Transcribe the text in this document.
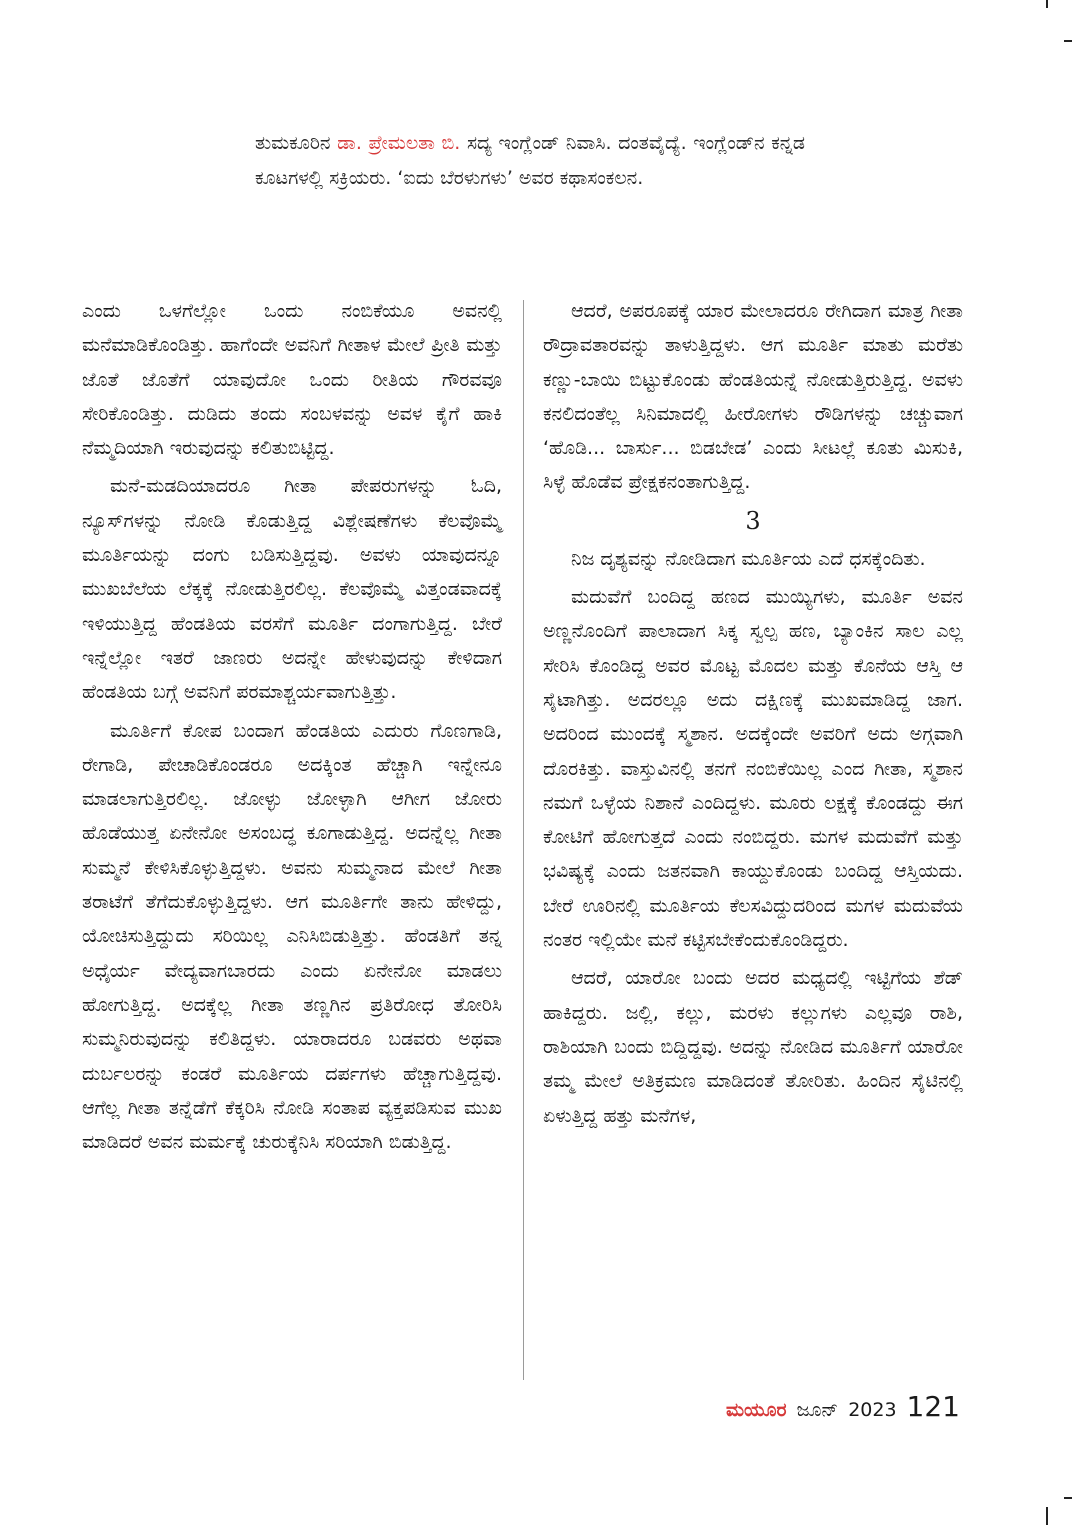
ತುಮಕೂರಿನ ಡಾ. ಪ್ರೇಮಲತಾ ಬಿ. ಸದ್ಯ ಇಂಗ್ಲೆಂಡ್ ನಿವಾಸಿ. ದಂತವೈದ್ಯೆ. ಇಂಗ್ಲೆಂಡ್‌ನ ಕನ್ನಡ ಕೂಟಗಳಲ್ಲಿ ಸಕ್ರಿಯರು. ‘ಐದು ಬೆರಳುಗಳು’ ಅವರ ಕಥಾಸಂಕಲನ.

ಎಂದು ಒಳಗೆಲ್ಲೋ ಒಂದು ನಂಬಿಕೆಯೂ ಅವನಲ್ಲಿ ಮನೆಮಾಡಿಕೊಂಡಿತ್ತು. ಹಾಗೆಂದೇ ಅವನಿಗೆ ಗೀತಾಳ ಮೇಲೆ ಪ್ರೀತಿ ಮತ್ತು ಜೊತೆ ಜೊತೆಗೆ ಯಾವುದೋ ಒಂದು ರೀತಿಯ ಗೌರವವೂ ಸೇರಿಕೊಂಡಿತ್ತು. ದುಡಿದು ತಂದು ಸಂಬಳವನ್ನು ಅವಳ ಕೈಗೆ ಹಾಕಿ ನೆಮ್ಮದಿಯಾಗಿ ಇರುವುದನ್ನು ಕಲಿತುಬಿಟ್ಟಿದ್ದ.

ಮನೆ-ಮಡದಿಯಾದರೂ ಗೀತಾ ಪೇಪರುಗಳನ್ನು ಓದಿ, ನ್ಯೂಸ್‌ಗಳನ್ನು ನೋಡಿ ಕೊಡುತ್ತಿದ್ದ ವಿಶ್ಲೇಷಣೆಗಳು ಕೆಲವೊಮ್ಮೆ ಮೂರ್ತಿಯನ್ನು ದಂಗು ಬಡಿಸುತ್ತಿದ್ದವು. ಅವಳು ಯಾವುದನ್ನೂ ಮುಖಬೆಲೆಯ ಲೆಕ್ಕಕ್ಕೆ ನೋಡುತ್ತಿರಲಿಲ್ಲ. ಕೆಲವೊಮ್ಮೆ ವಿತ್ತಂಡವಾದಕ್ಕೆ ಇಳಿಯುತ್ತಿದ್ದ ಹೆಂಡತಿಯ ವರಸೆಗೆ ಮೂರ್ತಿ ದಂಗಾಗುತ್ತಿದ್ದ. ಬೇರೆ ಇನ್ನೆಲ್ಲೋ ಇತರೆ ಜಾಣರು ಅದನ್ನೇ ಹೇಳುವುದನ್ನು ಕೇಳಿದಾಗ ಹೆಂಡತಿಯ ಬಗ್ಗೆ ಅವನಿಗೆ ಪರಮಾಶ್ಚರ್ಯವಾಗುತ್ತಿತ್ತು.

ಮೂರ್ತಿಗೆ ಕೋಪ ಬಂದಾಗ ಹೆಂಡತಿಯ ಎದುರು ಗೊಣಗಾಡಿ, ರೇಗಾಡಿ, ಪೇಚಾಡಿಕೊಂಡರೂ ಅದಕ್ಕಿಂತ ಹೆಚ್ಚಾಗಿ ಇನ್ನೇನೂ ಮಾಡಲಾಗುತ್ತಿರಲಿಲ್ಲ. ಜೋಳ್ಳು ಜೋಳ್ಳಾಗಿ ಆಗೀಗ ಜೋರು ಹೊಡೆಯುತ್ತ ಏನೇನೋ ಅಸಂಬದ್ಧ ಕೂಗಾಡುತ್ತಿದ್ದ. ಅದನ್ನೆಲ್ಲ ಗೀತಾ ಸುಮ್ಮನೆ ಕೇಳಿಸಿಕೊಳ್ಳುತ್ತಿದ್ದಳು. ಅವನು ಸುಮ್ಮನಾದ ಮೇಲೆ ಗೀತಾ ತರಾಟೆಗೆ ತೆಗೆದುಕೊಳ್ಳುತ್ತಿದ್ದಳು. ಆಗ ಮೂರ್ತಿಗೇ ತಾನು ಹೇಳಿದ್ದು, ಯೋಚಿಸುತ್ತಿದ್ದುದು ಸರಿಯಿಲ್ಲ ಎನಿಸಿಬಿಡುತ್ತಿತ್ತು. ಹೆಂಡತಿಗೆ ತನ್ನ ಅಧೈರ್ಯ ವೇದ್ಯವಾಗಬಾರದು ಎಂದು ಏನೇನೋ ಮಾಡಲು ಹೋಗುತ್ತಿದ್ದ. ಅದಕ್ಕೆಲ್ಲ ಗೀತಾ ತಣ್ಣಗಿನ ಪ್ರತಿರೋಧ ತೋರಿಸಿ ಸುಮ್ಮನಿರುವುದನ್ನು ಕಲಿತಿದ್ದಳು. ಯಾರಾದರೂ ಬಡವರು ಅಥವಾ ದುರ್ಬಲರನ್ನು ಕಂಡರೆ ಮೂರ್ತಿಯ ದರ್ಪಗಳು ಹೆಚ್ಚಾಗುತ್ತಿದ್ದವು. ಆಗೆಲ್ಲ ಗೀತಾ ತನ್ನೆಡೆಗೆ ಕೆಕ್ಕರಿಸಿ ನೋಡಿ ಸಂತಾಪ ವ್ಯಕ್ತಪಡಿಸುವ ಮುಖ ಮಾಡಿದರೆ ಅವನ ಮರ್ಮಕ್ಕೆ ಚುರುಕ್ಕೆನಿಸಿ ಸರಿಯಾಗಿ ಬಿಡುತ್ತಿದ್ದ.

ಆದರೆ, ಅಪರೂಪಕ್ಕೆ ಯಾರ ಮೇಲಾದರೂ ರೇಗಿದಾಗ ಮಾತ್ರ ಗೀತಾ ರೌದ್ರಾವತಾರವನ್ನು ತಾಳುತ್ತಿದ್ದಳು. ಆಗ ಮೂರ್ತಿ ಮಾತು ಮರೆತು ಕಣ್ಣು-ಬಾಯಿ ಬಿಟ್ಟುಕೊಂಡು ಹೆಂಡತಿಯನ್ನೆ ನೋಡುತ್ತಿರುತ್ತಿದ್ದ. ಅವಳು ಕನಲಿದಂತೆಲ್ಲ ಸಿನಿಮಾದಲ್ಲಿ ಹೀರೋಗಳು ರೌಡಿಗಳನ್ನು ಚಚ್ಚುವಾಗ ‘ಹೊಡಿ... ಬಾರ್ಸು... ಬಿಡಬೇಡ’ ಎಂದು ಸೀಟಲ್ಲೆ ಕೂತು ಮಿಸುಕಿ, ಸಿಳ್ಳೆ ಹೊಡೆವ ಪ್ರೇಕ್ಷಕನಂತಾಗುತ್ತಿದ್ದ.

3

ನಿಜ ದೃಶ್ಯವನ್ನು ನೋಡಿದಾಗ ಮೂರ್ತಿಯ ಎದೆ ಧಸಕ್ಕೆಂದಿತು.

ಮದುವೆಗೆ ಬಂದಿದ್ದ ಹಣದ ಮುಯ್ಯಿಗಳು, ಮೂರ್ತಿ ಅವನ ಅಣ್ಣನೊಂದಿಗೆ ಪಾಲಾದಾಗ ಸಿಕ್ಕ ಸ್ವಲ್ಪ ಹಣ, ಬ್ಯಾಂಕಿನ ಸಾಲ ಎಲ್ಲ ಸೇರಿಸಿ ಕೊಂಡಿದ್ದ ಅವರ ಮೊಟ್ಟ ಮೊದಲ ಮತ್ತು ಕೊನೆಯ ಆಸ್ತಿ ಆ ಸೈಟಾಗಿತ್ತು. ಅದರಲ್ಲೂ ಅದು ದಕ್ಷಿಣಕ್ಕೆ ಮುಖಮಾಡಿದ್ದ ಜಾಗ. ಅದರಿಂದ ಮುಂದಕ್ಕೆ ಸ್ಮಶಾನ. ಅದಕ್ಕೆಂದೇ ಅವರಿಗೆ ಅದು ಅಗ್ಗವಾಗಿ ದೊರಕಿತ್ತು. ವಾಸ್ತುವಿನಲ್ಲಿ ತನಗೆ ನಂಬಿಕೆಯಿಲ್ಲ ಎಂದ ಗೀತಾ, ಸ್ಮಶಾನ ನಮಗೆ ಒಳ್ಳೆಯ ನಿಶಾನೆ ಎಂದಿದ್ದಳು. ಮೂರು ಲಕ್ಷಕ್ಕೆ ಕೊಂಡದ್ದು ಈಗ ಕೋಟಿಗೆ ಹೋಗುತ್ತದೆ ಎಂದು ನಂಬಿದ್ದರು. ಮಗಳ ಮದುವೆಗೆ ಮತ್ತು ಭವಿಷ್ಯಕ್ಕೆ ಎಂದು ಜತನವಾಗಿ ಕಾಯ್ದುಕೊಂಡು ಬಂದಿದ್ದ ಆಸ್ತಿಯದು. ಬೇರೆ ಊರಿನಲ್ಲಿ ಮೂರ್ತಿಯ ಕೆಲಸವಿದ್ದುದರಿಂದ ಮಗಳ ಮದುವೆಯ ನಂತರ ಇಲ್ಲಿಯೇ ಮನೆ ಕಟ್ಟಿಸಬೇಕೆಂದುಕೊಂಡಿದ್ದರು.

ಆದರೆ, ಯಾರೋ ಬಂದು ಅದರ ಮಧ್ಯದಲ್ಲಿ ಇಟ್ಟಿಗೆಯ ಶೆಡ್ ಹಾಕಿದ್ದರು. ಜಲ್ಲಿ, ಕಲ್ಲು, ಮರಳು ಕಲ್ಲುಗಳು ಎಲ್ಲವೂ ರಾಶಿ, ರಾಶಿಯಾಗಿ ಬಂದು ಬಿದ್ದಿದ್ದವು. ಅದನ್ನು ನೋಡಿದ ಮೂರ್ತಿಗೆ ಯಾರೋ ತಮ್ಮ ಮೇಲೆ ಅತಿಕ್ರಮಣ ಮಾಡಿದಂತೆ ತೋರಿತು. ಹಿಂದಿನ ಸೈಟಿನಲ್ಲಿ ಏಳುತ್ತಿದ್ದ ಹತ್ತು ಮನೆಗಳ,

ಮಯೂರ ಜೂನ್ 2023 121
